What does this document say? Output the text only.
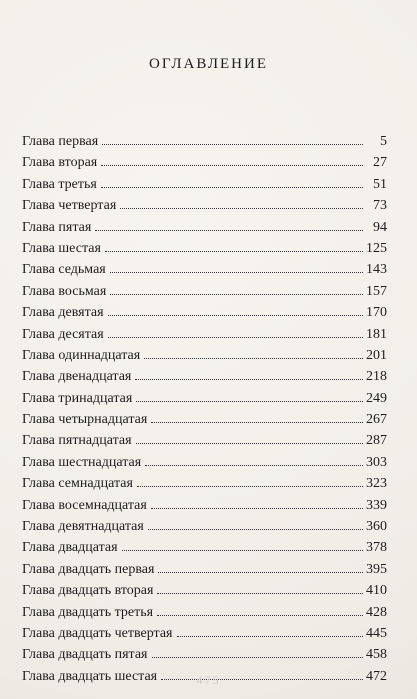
ОГЛАВЛЕНИЕ
Глава первая	5
Глава вторая	27
Глава третья	51
Глава четвертая	73
Глава пятая	94
Глава шестая	125
Глава седьмая	143
Глава восьмая	157
Глава девятая	170
Глава десятая	181
Глава одиннадцатая	201
Глава двенадцатая	218
Глава тринадцатая	249
Глава четырнадцатая	267
Глава пятнадцатая	287
Глава шестнадцатая	303
Глава семнадцатая	323
Глава восемнадцатая	339
Глава девятнадцатая	360
Глава двадцатая	378
Глава двадцать первая	395
Глава двадцать вторая	410
Глава двадцать третья	428
Глава двадцать четвертая	445
Глава двадцать пятая	458
Глава двадцать шестая	472
475
